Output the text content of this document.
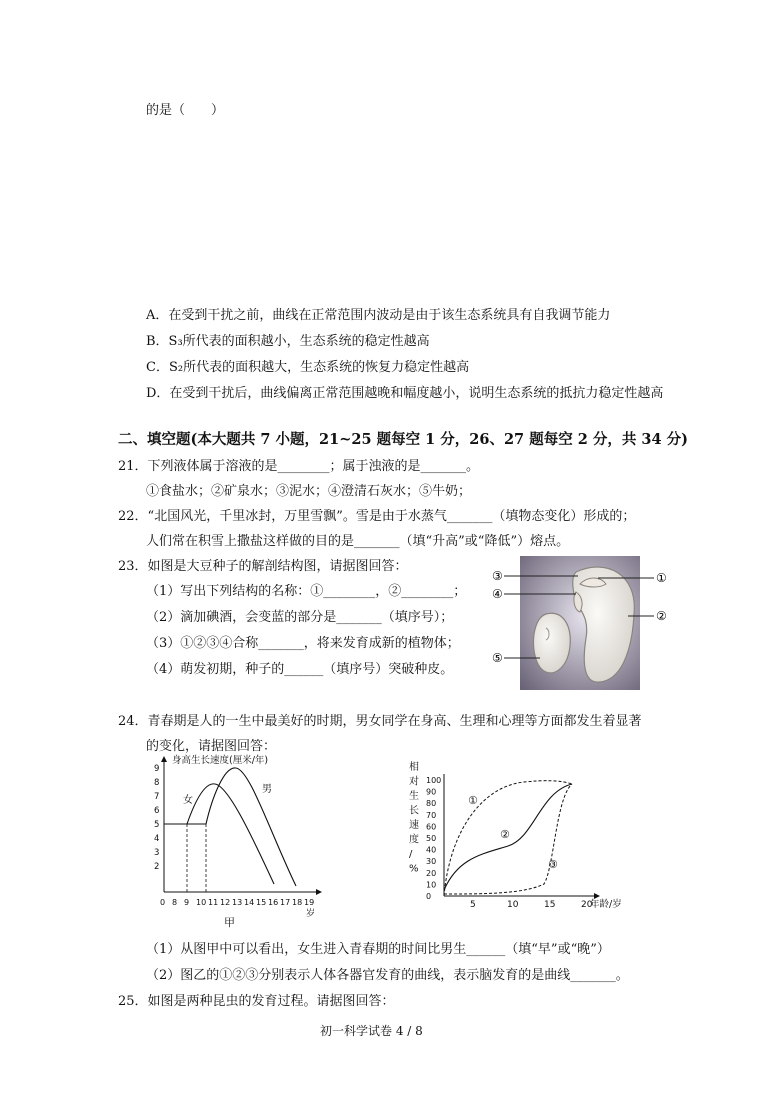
的是（　　）
A．在受到干扰之前，曲线在正常范围内波动是由于该生态系统具有自我调节能力
B．S₃所代表的面积越小，生态系统的稳定性越高
C．S₂所代表的面积越大，生态系统的恢复力稳定性越高
D．在受到干扰后，曲线偏离正常范围越晚和幅度越小，说明生态系统的抵抗力稳定性越高
二、填空题(本大题共 7 小题，21~25 题每空 1 分，26、27 题每空 2 分，共 34 分)
21．下列液体属于溶液的是________；属于浊液的是_______。
①食盐水；②矿泉水；③泥水；④澄清石灰水；⑤牛奶；
22．“北国风光，千里冰封，万里雪飘”。雪是由于水蒸气_______（填物态变化）形成的；
人们常在积雪上撒盐这样做的目的是_______（填“升高”或“降低”）熔点。
23．如图是大豆种子的解剖结构图，请据图回答：
（1）写出下列结构的名称：①________，②________；
（2）滴加碘酒，会变蓝的部分是_______（填序号）；
（3）①②③④合称_______，将来发育成新的植物体；
（4）萌发初期，种子的______（填序号）突破种皮。
③	①
④
②
⑤
24．青春期是人的一生中最美好的时期，男女同学在身高、生理和心理等方面都发生着显著
的变化，请据图回答：
身高生长速度(厘米/年)
9
8
7
6
5
4
3
2
0 8 9 10 11 12 13 14 15 16 17 18 19
女
男
岁
甲
相
对
生
长
速
度
/
%
100
90
80
70
60
50
40
30
20
10
0
5	10	15	20
①
②
③
年龄/岁
（1）从图甲中可以看出，女生进入青春期的时间比男生______（填“早”或“晚”）
（2）图乙的①②③分别表示人体各器官发育的曲线，表示脑发育的是曲线_______。
25．如图是两种昆虫的发育过程。请据图回答：
初一科学试卷 4 / 8
